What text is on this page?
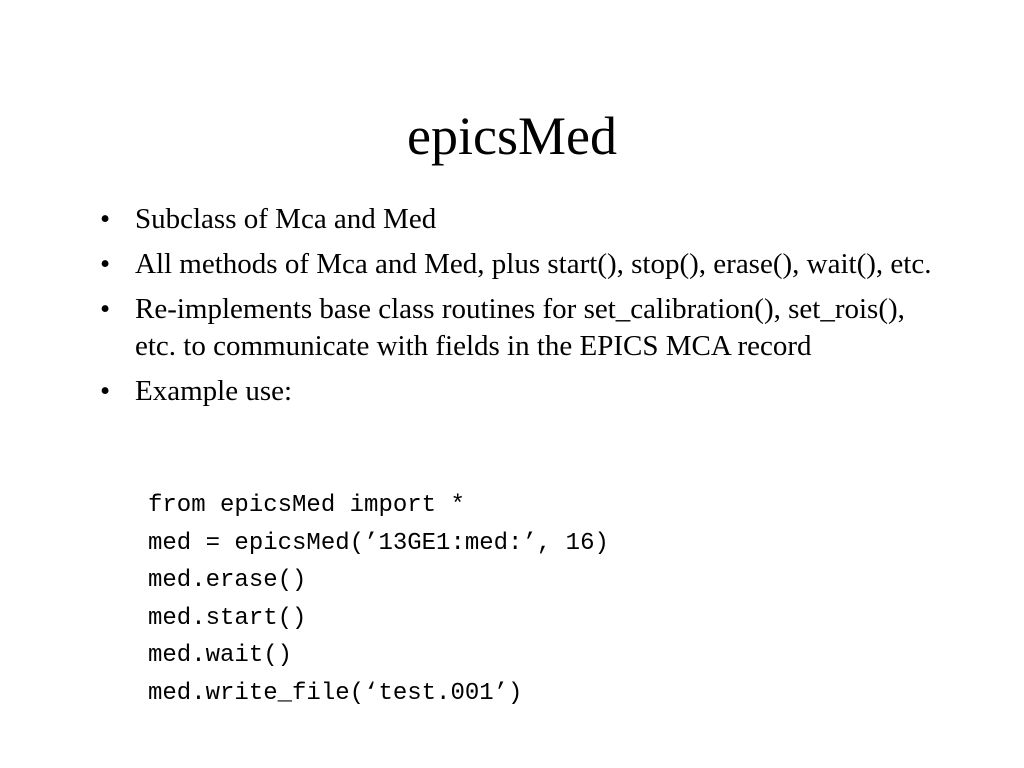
epicsMed
• Subclass of Mca and Med
• All methods of Mca and Med, plus start(), stop(), erase(), wait(), etc.
• Re-implements base class routines for set_calibration(), set_rois(), etc. to communicate with fields in the EPICS MCA record
• Example use:
from epicsMed import *
med = epicsMed(’13GE1:med:’, 16)
med.erase()
med.start()
med.wait()
med.write_file(‘test.001’)
